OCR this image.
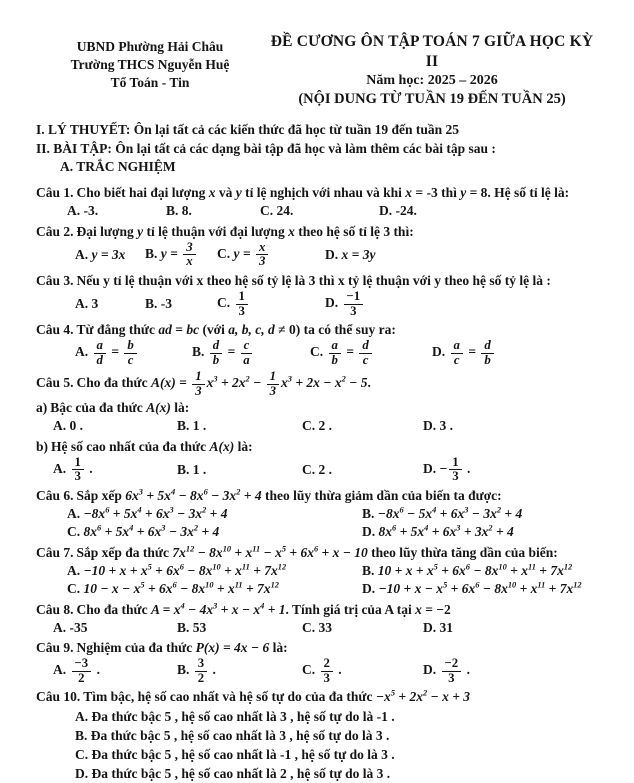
UBND Phường Hải Châu
Trường THCS Nguyễn Huệ
Tổ Toán - Tin
ĐỀ CƯƠNG ÔN TẬP TOÁN 7 GIỮA HỌC KỲ II
Năm học: 2025 – 2026
(NỘI DUNG TỪ TUẦN 19 ĐẾN TUẦN 25)
I. LÝ THUYẾT: Ôn lại tất cả các kiến thức đã học từ tuần 19 đến tuần 25
II. BÀI TẬP: Ôn lại tất cả các dạng bài tập đã học và làm thêm các bài tập sau :
A. TRẮC NGHIỆM

Câu 1. Cho biết hai đại lượng x và y tỉ lệ nghịch với nhau và khi x = -3 thì y = 8. Hệ số tỉ lệ là:

A. -3.	B. 8.	C. 24.	D. -24.

Câu 2. Đại lượng y tỉ lệ thuận với đại lượng x theo hệ số tỉ lệ 3 thì:

A. y = 3x	B. $y = \frac{3}{x} C$. $y = \frac{x}{3}$	D. x = 3y

Câu 3. Nếu y tỉ lệ thuận với x theo hệ số tỷ lệ là 3 thì x tỷ lệ thuận với y theo hệ số tỷ lệ là :

A. 3	B. -3	C. $\frac{1}{3}$	D. $\frac{-1}{3}$

Câu 4. Từ đẳng thức ad = bc (với a, b, c, d ≠ 0) ta có thể suy ra:

A. $\frac{a}{d} = \frac{b}{c}$	B. $\frac{d}{b} = \frac{c}{a}$	C. $\frac{a}{b} = \frac{d}{c}$	D. $\frac{a}{c} = \frac{d}{b}$

Câu 5. Cho đa thức $A(x) = \frac{1}{3} x^3 + 2x^2 - \frac{1}{3} x^3 + 2x - x^2 - 5$.

a) Bậc của đa thức A(x) là:

A. 0 .	B. 1 .	C. 2 .	D. 3 .

b) Hệ số cao nhất của đa thức A(x) là:

A. $\frac{1}{3}$ .	B. 1 .	C. 2 .	D. − $\frac{1}{3}$ .

Câu 6. Sắp xếp $6x^3 + 5x^4 - 8x^6 - 3x^2 + 4$ theo lũy thừa giảm dần của biến ta được:

A. $-8x^6 + 5x^4 + 6x^3 - 3x^2 + 4$	B. $-8x^6 - 5x^4 + 6x^3 - 3x^2 + 4$
C. $8x^6 + 5x^4 + 6x^3 - 3x^2 + 4$	D. $8x^6 + 5x^4 + 6x^3 + 3x^2 + 4$

Câu 7. Sắp xếp đa thức $7x^{12} - 8x^{10} + x^{11} - x^5 + 6x^6 + x - 10$ theo lũy thừa tăng dần của biến:

A. $-10 + x + x^5 + 6x^6 - 8x^{10} + x^{11} + 7x^{12}$	B. $10 + x + x^5 + 6x^6 - 8x^{10} + x^{11} + 7x^{12}$
C. $10 - x - x^5 + 6x^6 - 8x^{10} + x^{11} + 7x^{12}$	D. $-10 + x - x^5 + 6x^6 - 8x^{10} + x^{11} + 7x^{12}$

Câu 8. Cho đa thức $A = x^4 - 4x^3 + x - x^4 + 1$. Tính giá trị của A tại x = −2

A. -35	B. 53	C. 33	D. 31

Câu 9. Nghiệm của đa thức P(x) = 4x − 6 là:

A. $\frac{-3}{2}$ .	B. $\frac{3}{2}$ .	C. $\frac{2}{3}$ .	D. $\frac{-2}{3}$ .

Câu 10. Tìm bậc, hệ số cao nhất và hệ số tự do của đa thức $-x^5 + 2x^2 - x + 3$

A. Đa thức bậc 5 , hệ số cao nhất là 3 , hệ số tự do là -1 .
B. Đa thức bậc 5 , hệ số cao nhất là 3 , hệ số tự do là 3 .
C. Đa thức bậc 5 , hệ số cao nhất là -1 , hệ số tự do là 3 .
D. Đa thức bậc 5 , hệ số cao nhất là 2 , hệ số tự do là 3 .
